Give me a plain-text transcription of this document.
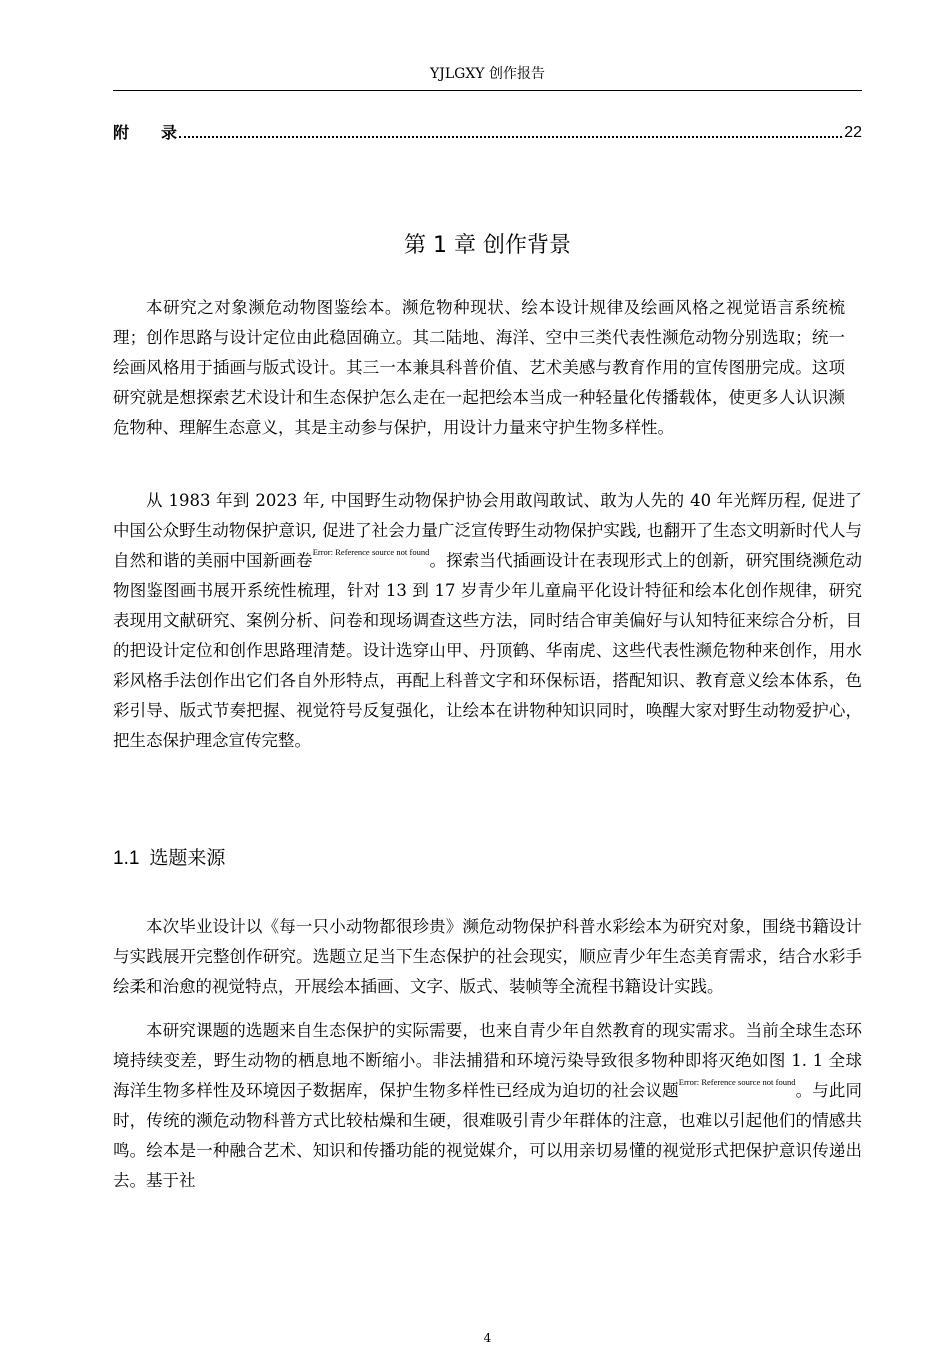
YJLGXY 创作报告
附　　录	22
第 1 章 创作背景

本研究之对象濒危动物图鉴绘本。濒危物种现状、绘本设计规律及绘画风格之视觉语言系统梳理；创作思路与设计定位由此稳固确立。其二陆地、海洋、空中三类代表性濒危动物分别选取；统一绘画风格用于插画与版式设计。其三一本兼具科普价值、艺术美感与教育作用的宣传图册完成。这项研究就是想探索艺术设计和生态保护怎么走在一起把绘本当成一种轻量化传播载体，使更多人认识濒危物种、理解生态意义，其是主动参与保护，用设计力量来守护生物多样性。

从 1983 年到 2023 年, 中国野生动物保护协会用敢闯敢试、敢为人先的 40 年光辉历程, 促进了中国公众野生动物保护意识, 促进了社会力量广泛宣传野生动物保护实践, 也翻开了生态文明新时代人与自然和谐的美丽中国新画卷$^{Error: Reference source not found}$。探索当代插画设计在表现形式上的创新，研究围绕濒危动物图鉴图画书展开系统性梳理，针对 13 到 17 岁青少年儿童扁平化设计特征和绘本化创作规律，研究表现用文献研究、案例分析、问卷和现场调查这些方法，同时结合审美偏好与认知特征来综合分析，目的把设计定位和创作思路理清楚。设计选穿山甲、丹顶鹤、华南虎、这些代表性濒危物种来创作，用水彩风格手法创作出它们各自外形特点，再配上科普文字和环保标语，搭配知识、教育意义绘本体系，色彩引导、版式节奏把握、视觉符号反复强化，让绘本在讲物种知识同时，唤醒大家对野生动物爱护心，把生态保护理念宣传完整。

1.1 选题来源

本次毕业设计以《每一只小动物都很珍贵》濒危动物保护科普水彩绘本为研究对象，围绕书籍设计与实践展开完整创作研究。选题立足当下生态保护的社会现实，顺应青少年生态美育需求，结合水彩手绘柔和治愈的视觉特点，开展绘本插画、文字、版式、装帧等全流程书籍设计实践。

本研究课题的选题来自生态保护的实际需要，也来自青少年自然教育的现实需求。当前全球生态环境持续变差，野生动物的栖息地不断缩小。非法捕猎和环境污染导致很多物种即将灭绝如图 1. 1 全球海洋生物多样性及环境因子数据库，保护生物多样性已经成为迫切的社会议题$^{Error: Reference source not found}$。与此同时，传统的濒危动物科普方式比较枯燥和生硬，很难吸引青少年群体的注意，也难以引起他们的情感共鸣。绘本是一种融合艺术、知识和传播功能的视觉媒介，可以用亲切易懂的视觉形式把保护意识传递出去。基于社

4
